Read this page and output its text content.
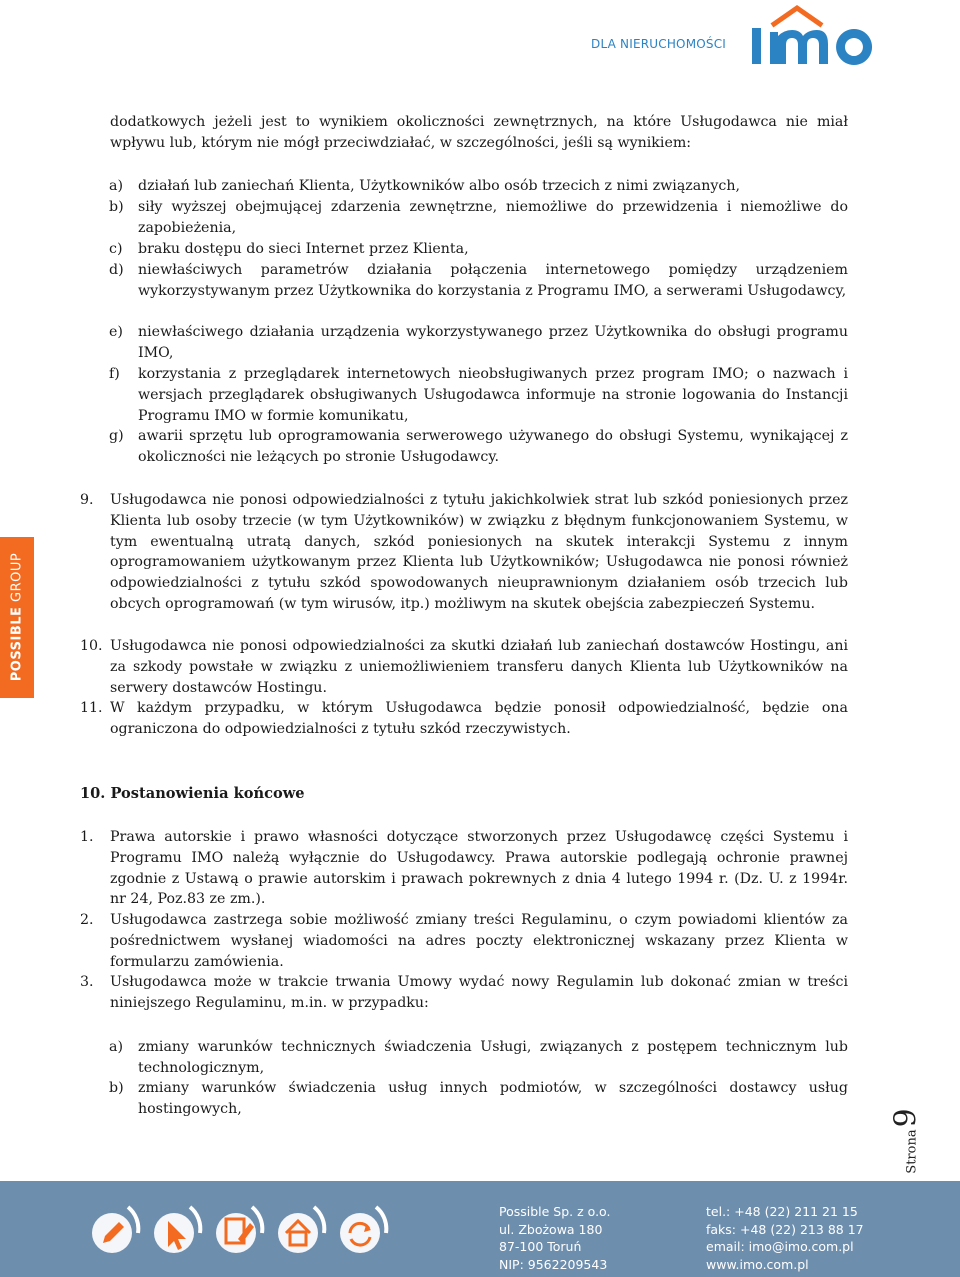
DLA NIERUCHOMOŚCI
POSSIBLE GROUP
dodatkowych jeżeli jest to wynikiem okoliczności zewnętrznych, na które Usługodawca nie miał wpływu lub, którym nie mógł przeciwdziałać, w szczególności, jeśli są wynikiem:
a) działań lub zaniechań Klienta, Użytkowników albo osób trzecich z nimi związanych,
b) siły wyższej obejmującej zdarzenia zewnętrzne, niemożliwe do przewidzenia i niemożliwe do zapobieżenia,
c) braku dostępu do sieci Internet przez Klienta,
d) niewłaściwych parametrów działania połączenia internetowego pomiędzy urządzeniem wykorzystywanym przez Użytkownika do korzystania z Programu IMO, a serwerami Usługodawcy,
e) niewłaściwego działania urządzenia wykorzystywanego przez Użytkownika do obsługi programu IMO,
f) korzystania z przeglądarek internetowych nieobsługiwanych przez program IMO; o nazwach i wersjach przeglądarek obsługiwanych Usługodawca informuje na stronie logowania do Instancji Programu IMO w formie komunikatu,
g) awarii sprzętu lub oprogramowania serwerowego używanego do obsługi Systemu, wynikającej z okoliczności nie leżących po stronie Usługodawcy.
9. Usługodawca nie ponosi odpowiedzialności z tytułu jakichkolwiek strat lub szkód poniesionych przez Klienta lub osoby trzecie (w tym Użytkowników) w związku z błędnym funkcjonowaniem Systemu, w tym ewentualną utratą danych, szkód poniesionych na skutek interakcji Systemu z innym oprogramowaniem użytkowanym przez Klienta lub Użytkowników; Usługodawca nie ponosi również odpowiedzialności z tytułu szkód spowodowanych nieuprawnionym działaniem osób trzecich lub obcych oprogramowań (w tym wirusów, itp.) możliwym na skutek obejścia zabezpieczeń Systemu.
10. Usługodawca nie ponosi odpowiedzialności za skutki działań lub zaniechań dostawców Hostingu, ani za szkody powstałe w związku z uniemożliwieniem transferu danych Klienta lub Użytkowników na serwery dostawców Hostingu.
11. W każdym przypadku, w którym Usługodawca będzie ponosił odpowiedzialność, będzie ona ograniczona do odpowiedzialności z tytułu szkód rzeczywistych.
10. Postanowienia końcowe
1. Prawa autorskie i prawo własności dotyczące stworzonych przez Usługodawcę części Systemu i Programu IMO należą wyłącznie do Usługodawcy. Prawa autorskie podlegają ochronie prawnej zgodnie z Ustawą o prawie autorskim i prawach pokrewnych z dnia 4 lutego 1994 r. (Dz. U. z 1994r. nr 24, Poz.83 ze zm.).
2. Usługodawca zastrzega sobie możliwość zmiany treści Regulaminu, o czym powiadomi klientów za pośrednictwem wysłanej wiadomości na adres poczty elektronicznej wskazany przez Klienta w formularzu zamówienia.
3. Usługodawca może w trakcie trwania Umowy wydać nowy Regulamin lub dokonać zmian w treści niniejszego Regulaminu, m.in. w przypadku:
a) zmiany warunków technicznych świadczenia Usługi, związanych z postępem technicznym lub technologicznym,
b) zmiany warunków świadczenia usług innych podmiotów, w szczególności dostawcy usług hostingowych,
Strona9
Possible Sp. z o.o.
ul. Zbożowa 180
87-100 Toruń
NIP: 9562209543
tel.: +48 (22) 211 21 15
faks: +48 (22) 213 88 17
email: imo@imo.com.pl
www.imo.com.pl
